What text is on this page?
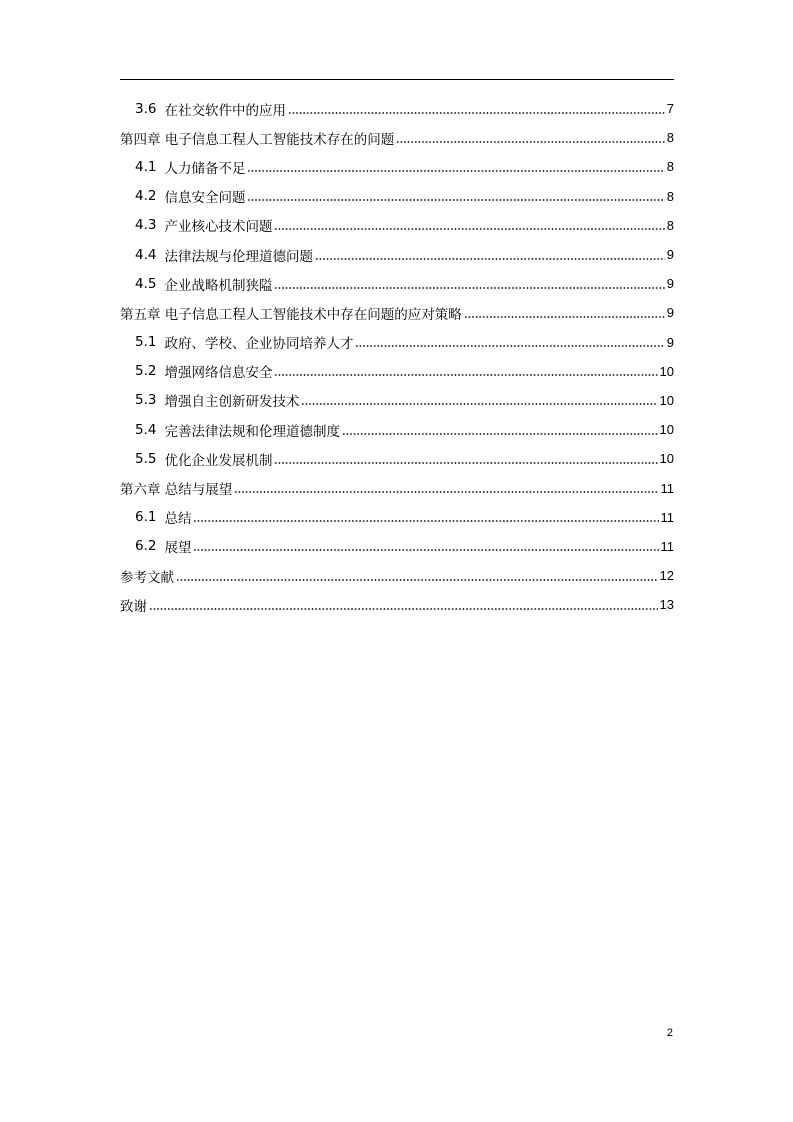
3.6 在社交软件中的应用	7
第四章 电子信息工程人工智能技术存在的问题	8
4.1 人力储备不足	8
4.2 信息安全问题	8
4.3 产业核心技术问题	8
4.4 法律法规与伦理道德问题	9
4.5 企业战略机制狭隘	9
第五章 电子信息工程人工智能技术中存在问题的应对策略	9
5.1 政府、学校、企业协同培养人才	9
5.2 增强网络信息安全	10
5.3 增强自主创新研发技术	10
5.4 完善法律法规和伦理道德制度	10
5.5 优化企业发展机制	10
第六章 总结与展望	11
6.1 总结	11
6.2 展望	11
参考文献	12
致谢	13
2
